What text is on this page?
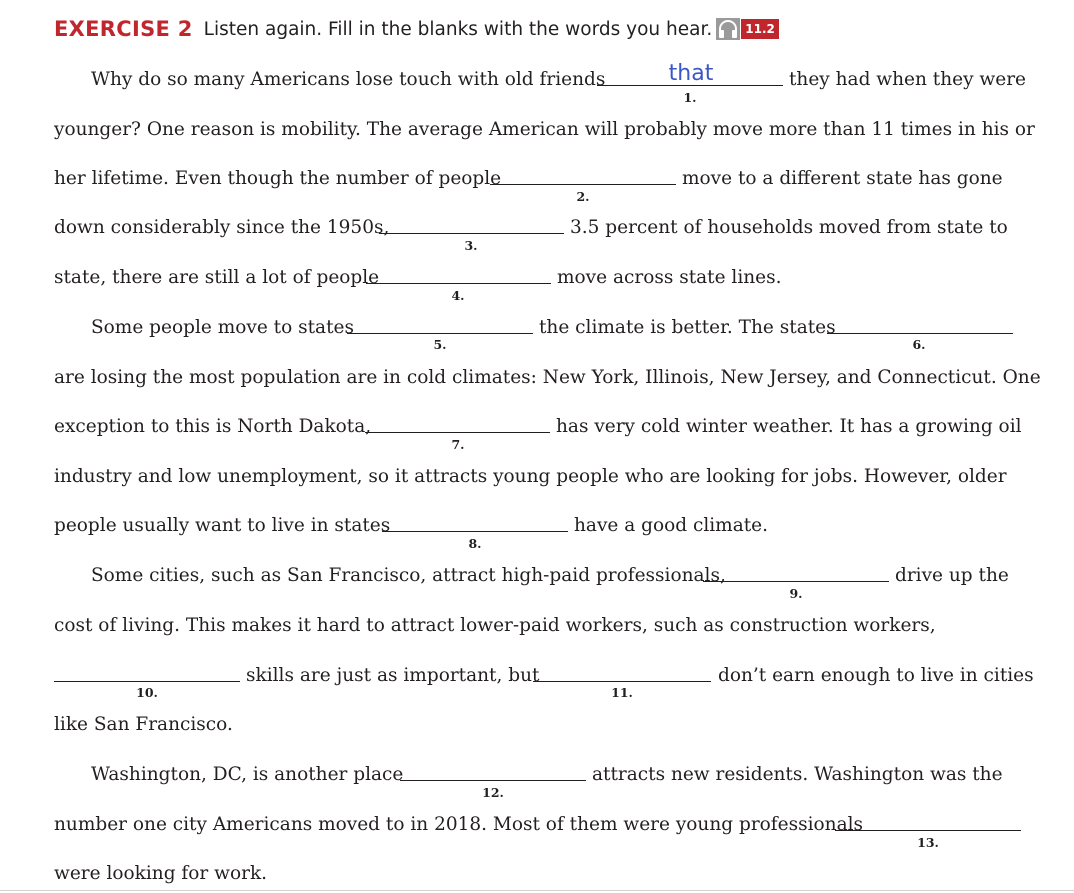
EXERCISE 2 Listen again. Fill in the blanks with the words you hear.	11.2
Why do so many Americans lose touch with old friends	that
1.
they had when they were
younger? One reason is mobility. The average American will probably move more than 11 times in his or
her lifetime. Even though the number of people
2.
move to a different state has gone
down considerably since the 1950s,
3.
3.5 percent of households moved from state to
state, there are still a lot of people
4.
move across state lines.
Some people move to states
5.
the climate is better. The states
6.
are losing the most population are in cold climates: New York, Illinois, New Jersey, and Connecticut. One
exception to this is North Dakota,
7.
has very cold winter weather. It has a growing oil
industry and low unemployment, so it attracts young people who are looking for jobs. However, older
people usually want to live in states
8.
have a good climate.
Some cities, such as San Francisco, attract high-paid professionals,
9.
drive up the
cost of living. This makes it hard to attract lower-paid workers, such as construction workers,
10.
skills are just as important, but
11.
don’t earn enough to live in cities
like San Francisco.
Washington, DC, is another place
12.
attracts new residents. Washington was the
number one city Americans moved to in 2018. Most of them were young professionals
13.
were looking for work.
